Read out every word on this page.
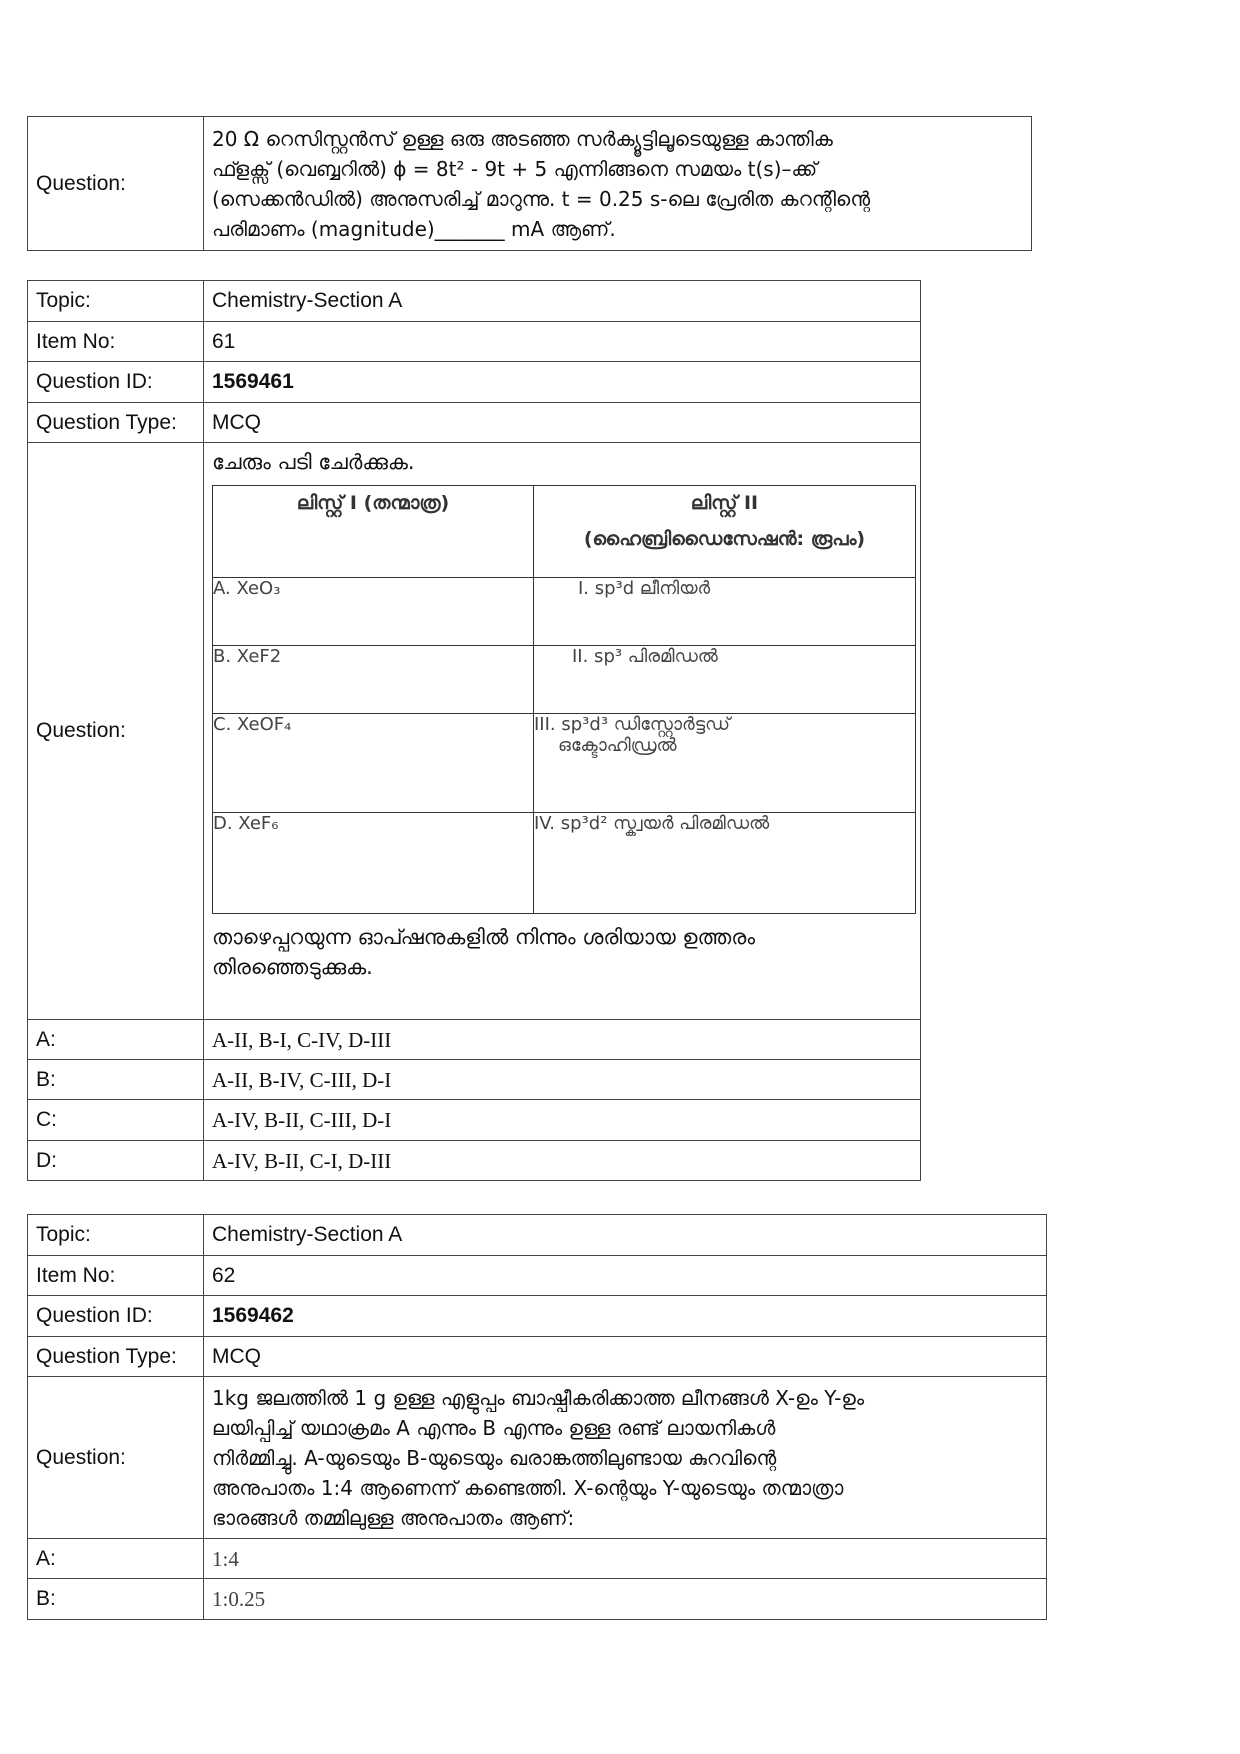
Question:	
20 Ω റെസിസ്റ്റൻസ് ഉള്ള ഒരു അടഞ്ഞ സർക്യൂട്ടിലൂടെയുള്ള കാന്തിക
ഫ്ളക്സ് (വെബ്ബറിൽ) ϕ = 8t² - 9t + 5 എന്നിങ്ങനെ സമയം t(s)–ക്ക്
(സെക്കൻഡിൽ) അനുസരിച്ച് മാറുന്നു. t = 0.25 s-ലെ പ്രേരിത കറന്റിന്റെ
പരിമാണം (magnitude)_______ mA ആണ്.
Topic:	Chemistry-Section A
Item No:	61
Question ID:	1569461
Question Type:	MCQ
Question:	
ചേരും പടി ചേർക്കുക.
ലിസ്റ്റ് I (തന്മാത്ര)	ലിസ്റ്റ് II
(ഹൈബ്രിഡൈസേഷൻ: രൂപം)

A. XeO₃	I. sp³d ലീനിയർ
B. XeF2	II. sp³ പിരമിഡൽ
C. XeOF₄	III. sp³d³ ഡിസ്റ്റോർട്ടഡ്
ഒക്ടോഹിഡ്രൽ

D. XeF₆	IV. sp³d² സ്ക്വയർ പിരമിഡൽ
താഴെപ്പറയുന്ന ഓപ്ഷനുകളിൽ നിന്നും ശരിയായ ഉത്തരം
തിരഞ്ഞെടുക്കുക.

A:	A-II, B-I, C-IV, D-III
B:	A-II, B-IV, C-III, D-I
C:	A-IV, B-II, C-III, D-I
D:	A-IV, B-II, C-I, D-III
Topic:	Chemistry-Section A
Item No:	62
Question ID:	1569462
Question Type:	MCQ
Question:	1kg ജലത്തിൽ 1 g ഉള്ള എളുപ്പം ബാഷ്പീകരിക്കാത്ത ലീനങ്ങൾ X-ഉം Y-ഉം
ലയിപ്പിച്ച് യഥാക്രമം A എന്നും B എന്നും ഉള്ള രണ്ട് ലായനികൾ
നിർമ്മിച്ചു. A-യുടെയും B-യുടെയും ഖരാങ്കത്തിലുണ്ടായ കുറവിന്റെ
അനുപാതം 1:4 ആണെന്ന് കണ്ടെത്തി. X-ന്റെയും Y-യുടെയും തന്മാത്രാ
ഭാരങ്ങൾ തമ്മിലുള്ള അനുപാതം ആണ്:

A:	1:4
B:	1:0.25
